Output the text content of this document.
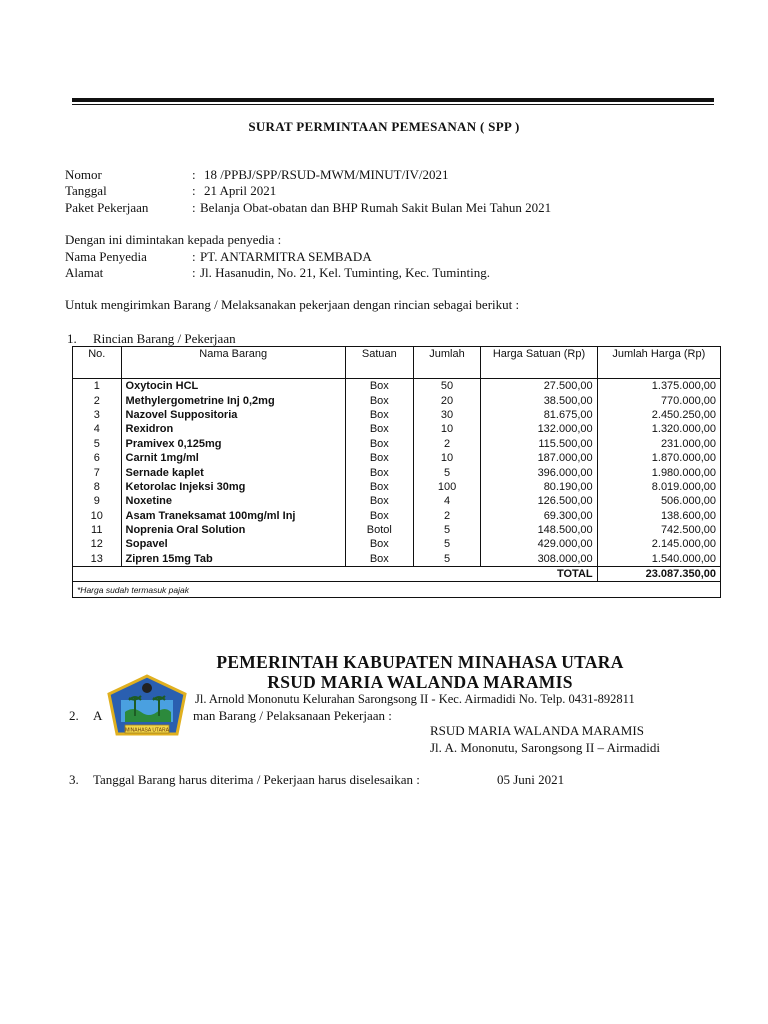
SURAT PERMINTAAN PEMESANAN ( SPP )
Nomor	: 18 /PPBJ/SPP/RSUD-MWM/MINUT/IV/2021
Tanggal	: 21 April 2021
Paket Pekerjaan	: Belanja Obat-obatan dan BHP Rumah Sakit Bulan Mei Tahun 2021
Dengan ini dimintakan kepada penyedia :
Nama Penyedia	: PT. ANTARMITRA SEMBADA
Alamat	: Jl. Hasanudin, No. 21, Kel. Tuminting, Kec. Tuminting.
Untuk mengirimkan Barang / Melaksanakan pekerjaan dengan rincian sebagai berikut :
1. Rincian Barang / Pekerjaan
No.	Nama Barang	Satuan	Jumlah	Harga Satuan (Rp)	Jumlah Harga (Rp)
1	Oxytocin HCL	Box	50	27.500,00	1.375.000,00
2	Methylergometrine Inj 0,2mg	Box	20	38.500,00	770.000,00
3	Nazovel Suppositoria	Box	30	81.675,00	2.450.250,00
4	Rexidron	Box	10	132.000,00	1.320.000,00
5	Pramivex 0,125mg	Box	2	115.500,00	231.000,00
6	Carnit 1mg/ml	Box	10	187.000,00	1.870.000,00
7	Sernade kaplet	Box	5	396.000,00	1.980.000,00
8	Ketorolac Injeksi 30mg	Box	100	80.190,00	8.019.000,00
9	Noxetine	Box	4	126.500,00	506.000,00
10	Asam Traneksamat 100mg/ml Inj	Box	2	69.300,00	138.600,00
11	Noprenia Oral Solution	Botol	5	148.500,00	742.500,00
12	Sopavel	Box	5	429.000,00	2.145.000,00
13	Zipren 15mg Tab	Box	5	308.000,00	1.540.000,00
TOTAL					23.087.350,00
*Harga sudah termasuk pajak					
PEMERINTAH KABUPATEN MINAHASA UTARA
RSUD MARIA WALANDA MARAMIS
Jl. Arnold Mononutu Kelurahan Sarongsong II - Kec. Airmadidi No. Telp. 0431-892811
MINAHASA UTARA
2. A	man Barang / Pelaksanaan Pekerjaan :
RSUD MARIA WALANDA MARAMIS
Jl. A. Mononutu, Sarongsong II – Airmadidi
3. Tanggal Barang harus diterima / Pekerjaan harus diselesaikan :	05 Juni 2021
